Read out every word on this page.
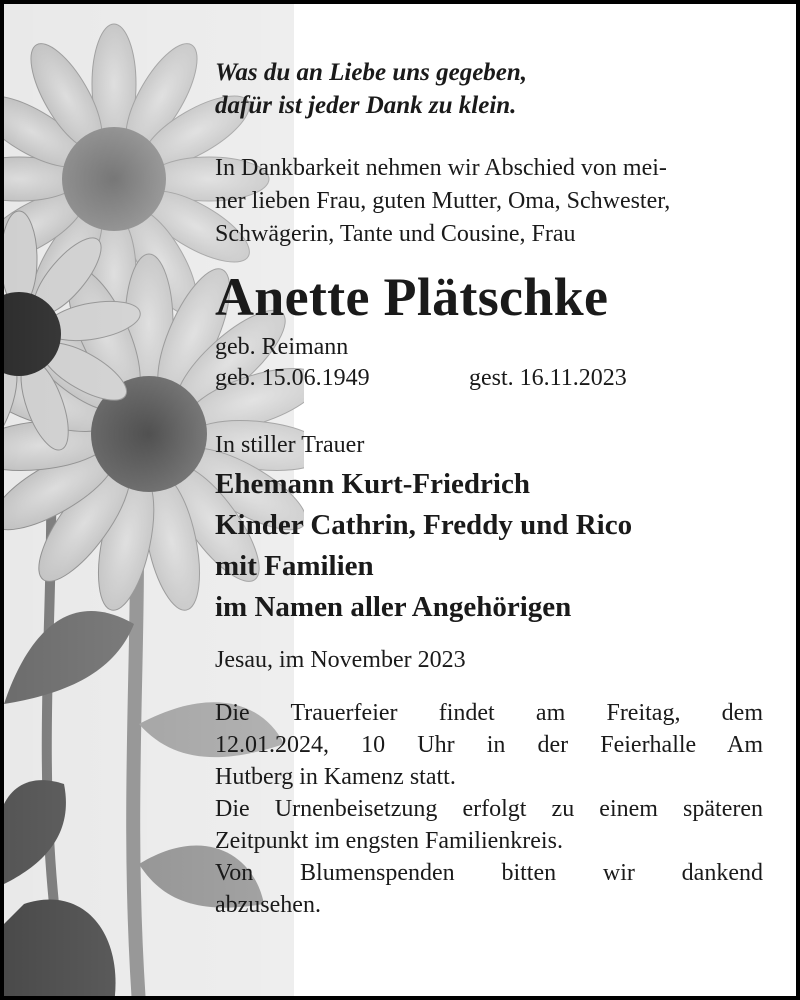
Was du an Liebe uns gegeben,
dafür ist jeder Dank zu klein.
In Dankbarkeit nehmen wir Abschied von mei-
ner lieben Frau, guten Mutter, Oma, Schwester,
Schwägerin, Tante und Cousine, Frau
Anette Plätschke
geb. Reimann
geb. 15.06.1949	gest. 16.11.2023
In stiller Trauer
Ehemann Kurt-Friedrich
Kinder Cathrin, Freddy und Rico
mit Familien
im Namen aller Angehörigen
Jesau, im November 2023
Die Trauerfeier findet am Freitag, dem
12.01.2024, 10 Uhr in der Feierhalle Am
Hutberg in Kamenz statt.
Die Urnenbeisetzung erfolgt zu einem späteren
Zeitpunkt im engsten Familienkreis.
Von Blumenspenden bitten wir dankend
abzusehen.
